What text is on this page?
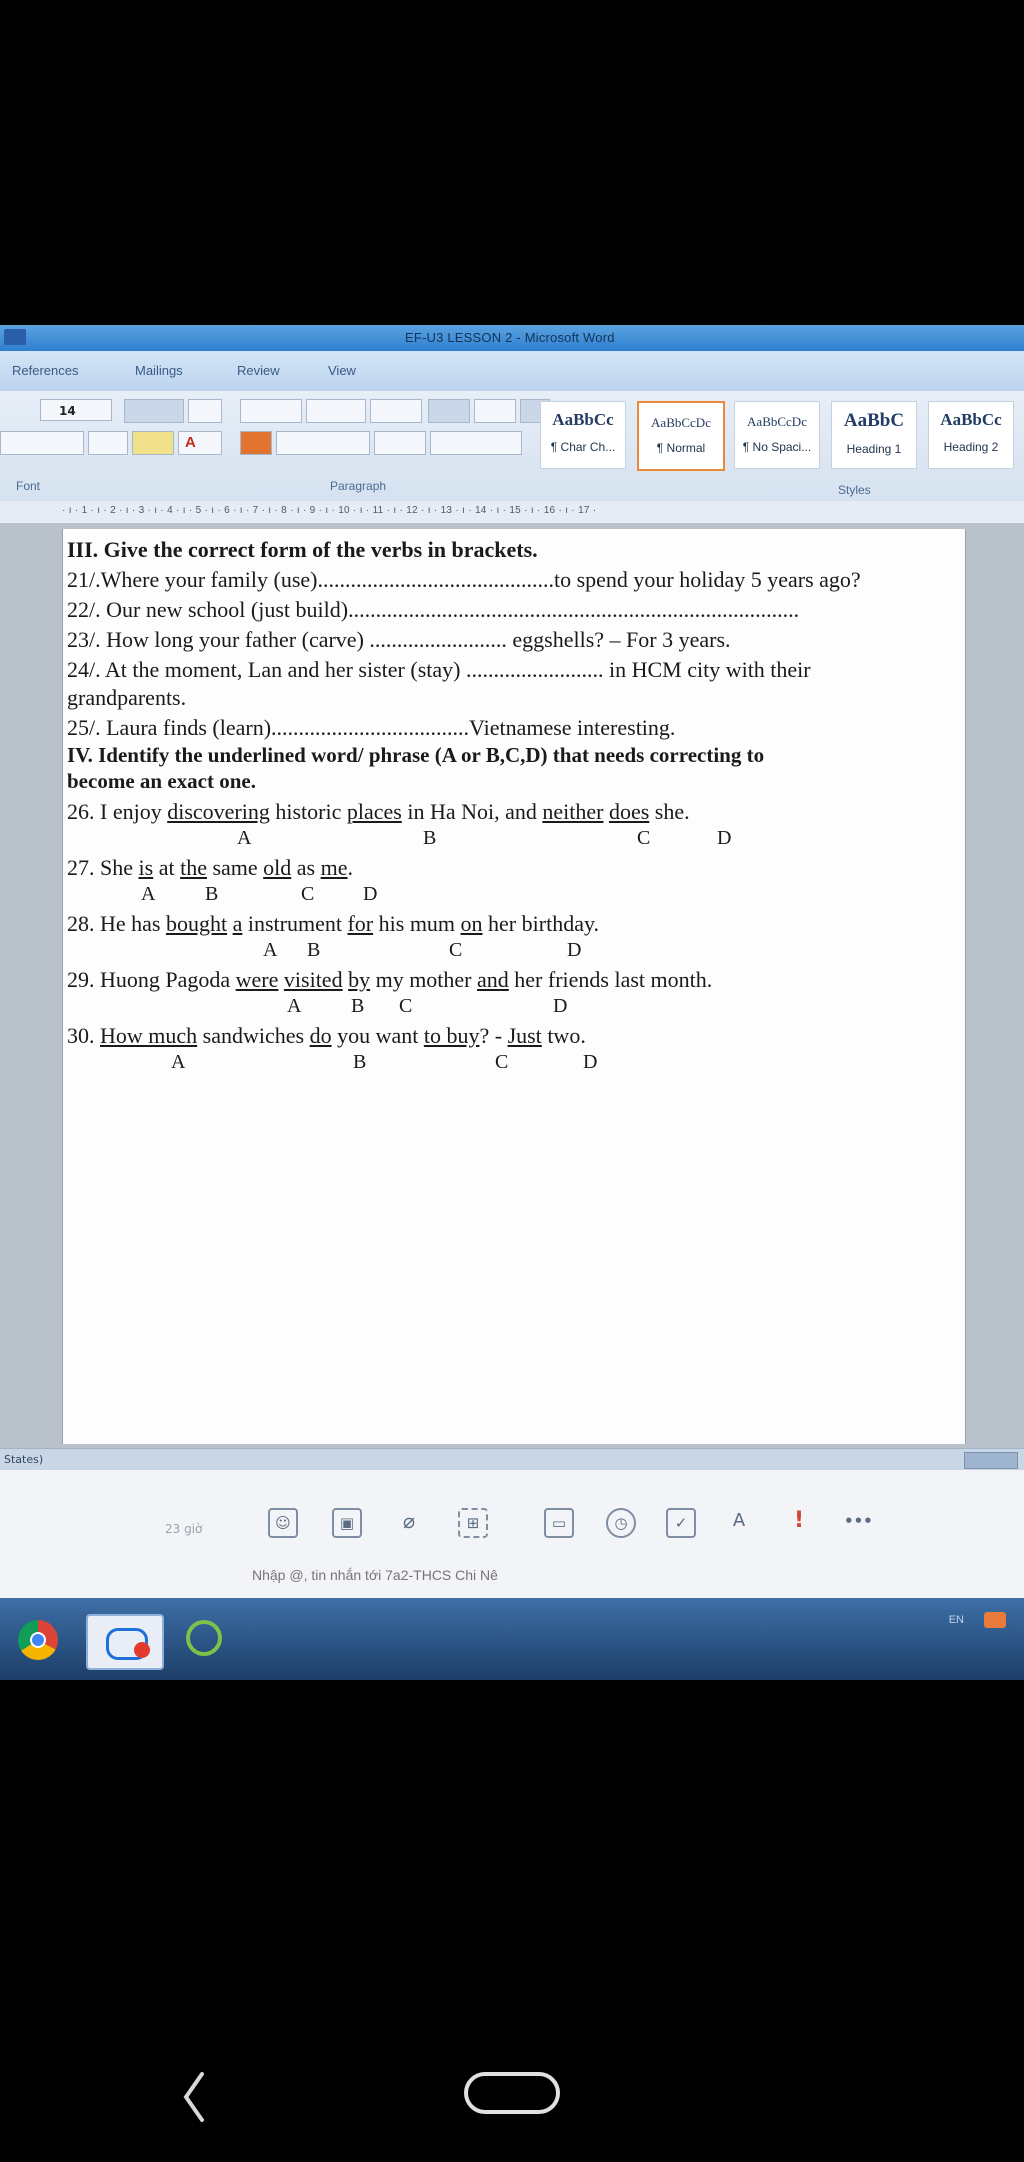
EF-U3 LESSON 2 - Microsoft Word
References	Mailings	Review	View
14
A
Font	Paragraph
AaBbCc
¶ Char Ch...
AaBbCcDc
¶ Normal
AaBbCcDc
¶ No Spaci...
AaBbC
Heading 1
AaBbCc
Heading 2
Styles
· ı · 1 · ı · 2 · ı · 3 · ı · 4 · ı · 5 · ı · 6 · ı · 7 · ı · 8 · ı · 9 · ı · 10 · ı · 11 · ı · 12 · ı · 13 · ı · 14 · ı · 15 · ı · 16 · ı · 17 ·
III. Give the correct form of the verbs in brackets.
21/.Where your family (use)...........................................to spend your holiday 5 years ago?
22/. Our new school (just build)..................................................................................
23/. How long your father (carve) ......................... eggshells? – For 3 years.
24/. At the moment, Lan and her sister (stay) ......................... in HCM city with their
grandparents.
25/. Laura finds (learn)....................................Vietnamese interesting.
IV. Identify the underlined word/ phrase (A or B,C,D) that needs correcting to
become an exact one.
26. I enjoy discovering historic places in Ha Noi, and neither does she.
A	B	C	D
27. She is at the same old as me.
A B	C D
28. He has bought a instrument for his mum on her birthday.
A B	C	D
29. Huong Pagoda were visited by my mother and her friends last month.
A B C	D
30. How much sandwiches do you want to buy? - Just two.
A	B	C	D
States)
23 giờ	☺	▣	⌀	⊞	▭	◷	✓	A	!	•••
Nhập @, tin nhắn tới 7a2-THCS Chi Nê
EN
